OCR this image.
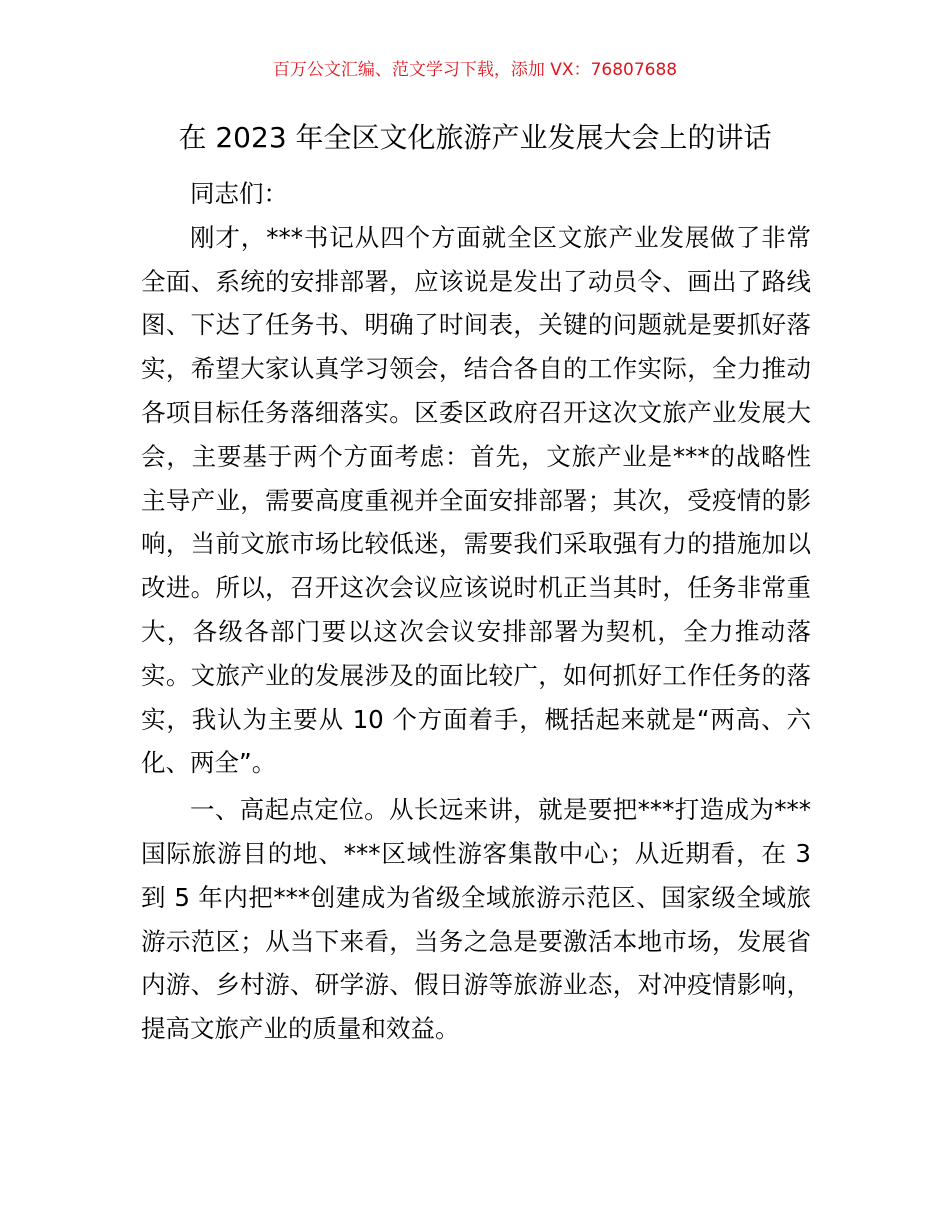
百万公文汇编、范文学习下载，添加 VX：76807688
在 2023 年全区文化旅游产业发展大会上的讲话
同志们：
刚才，***书记从四个方面就全区文旅产业发展做了非常
全面、系统的安排部署，应该说是发出了动员令、画出了路线
图、下达了任务书、明确了时间表，关键的问题就是要抓好落
实，希望大家认真学习领会，结合各自的工作实际，全力推动
各项目标任务落细落实。区委区政府召开这次文旅产业发展大
会，主要基于两个方面考虑：首先，文旅产业是***的战略性
主导产业，需要高度重视并全面安排部署；其次，受疫情的影
响，当前文旅市场比较低迷，需要我们采取强有力的措施加以
改进。所以，召开这次会议应该说时机正当其时，任务非常重
大，各级各部门要以这次会议安排部署为契机，全力推动落
实。文旅产业的发展涉及的面比较广，如何抓好工作任务的落
实，我认为主要从 10 个方面着手，概括起来就是“两高、六
化、两全”。
一、高起点定位。从长远来讲，就是要把***打造成为***
国际旅游目的地、***区域性游客集散中心；从近期看，在 3
到 5 年内把***创建成为省级全域旅游示范区、国家级全域旅
游示范区；从当下来看，当务之急是要激活本地市场，发展省
内游、乡村游、研学游、假日游等旅游业态，对冲疫情影响，
提高文旅产业的质量和效益。
